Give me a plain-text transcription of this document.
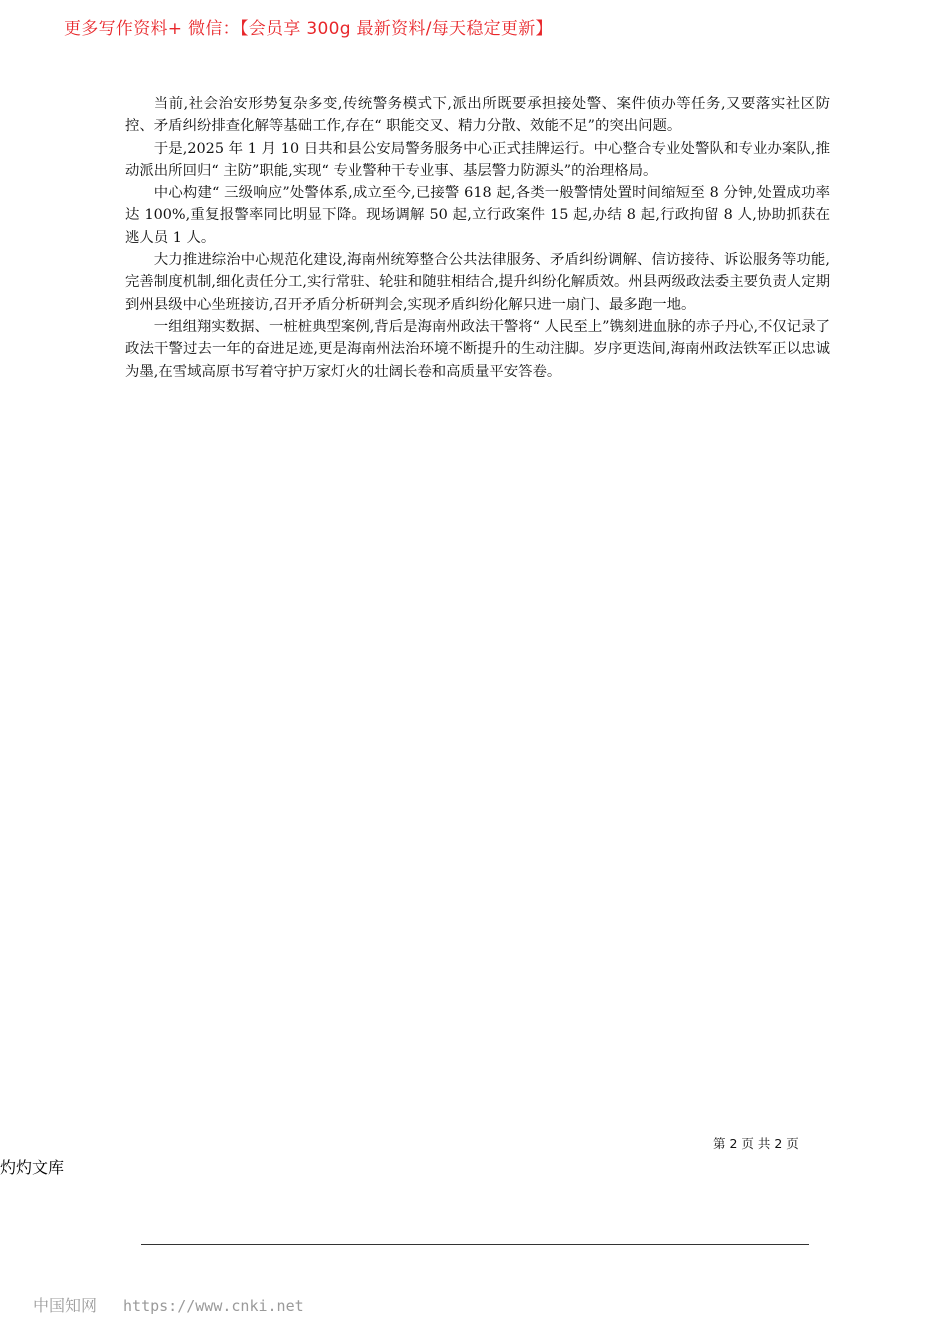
更多写作资料+ 微信：【会员享 300g 最新资料/每天稳定更新】

当前,社会治安形势复杂多变,传统警务模式下,派出所既要承担接处警、案件侦办等任务,又要落实社区防控、矛盾纠纷排查化解等基础工作,存在“ 职能交叉、精力分散、效能不足”的突出问题。

于是,2025 年 1 月 10 日共和县公安局警务服务中心正式挂牌运行。中心整合专业处警队和专业办案队,推动派出所回归“ 主防”职能,实现“ 专业警种干专业事、基层警力防源头”的治理格局。

中心构建“ 三级响应”处警体系,成立至今,已接警 618 起,各类一般警情处置时间缩短至 8 分钟,处置成功率达 100%,重复报警率同比明显下降。现场调解 50 起,立行政案件 15 起,办结 8 起,行政拘留 8 人,协助抓获在逃人员 1 人。

大力推进综治中心规范化建设,海南州统筹整合公共法律服务、矛盾纠纷调解、信访接待、诉讼服务等功能,完善制度机制,细化责任分工,实行常驻、轮驻和随驻相结合,提升纠纷化解质效。州县两级政法委主要负责人定期到州县级中心坐班接访,召开矛盾分析研判会,实现矛盾纠纷化解只进一扇门、最多跑一地。

一组组翔实数据、一桩桩典型案例,背后是海南州政法干警将“ 人民至上”镌刻进血脉的赤子丹心,不仅记录了政法干警过去一年的奋进足迹,更是海南州法治环境不断提升的生动注脚。岁序更迭间,海南州政法铁军正以忠诚为墨,在雪域高原书写着守护万家灯火的壮阔长卷和高质量平安答卷。

第 2 页 共 2 页
灼灼文库
中国知网 https://www.cnki.net
